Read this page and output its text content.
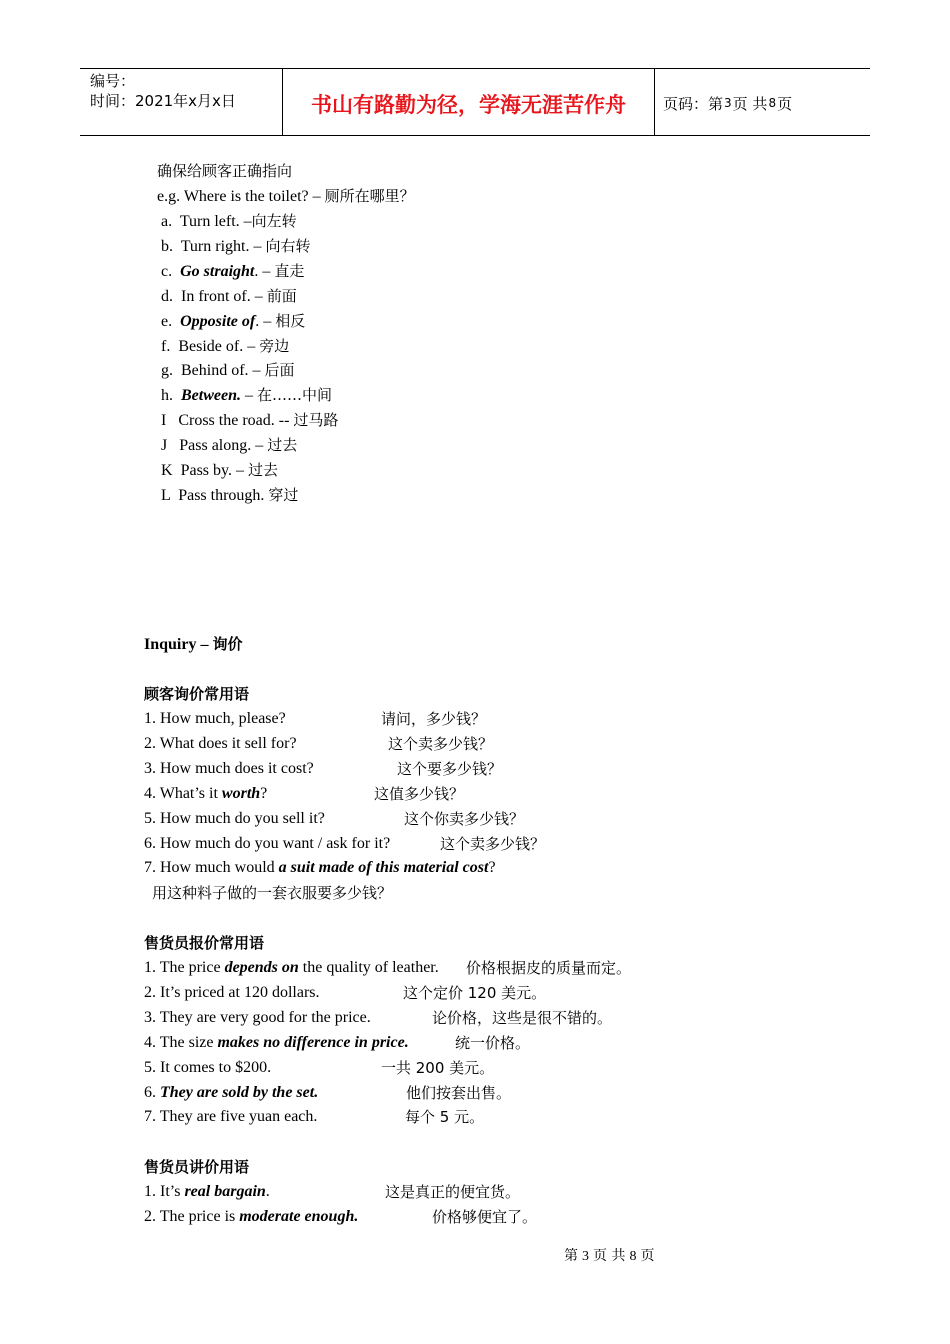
编号：
时间：2021年x月x日	书山有路勤为径，学海无涯苦作舟	页码：第 3 页 共 8 页
确保给顾客正确指向
e.g. Where is the toilet? – 厕所在哪里？
a.  Turn left. –向左转
b.  Turn right. – 向右转
c.  Go straight. – 直走
d.  In front of. – 前面
e.  Opposite of. – 相反
f.  Beside of. – 旁边
g.  Behind of. – 后面
h.  Between. – 在……中间
I   Cross the road. -- 过马路
J   Pass along. – 过去
K  Pass by. – 过去
L  Pass through. 穿过
Inquiry – 询价
顾客询价常用语
1. How much, please?	请问，多少钱？
2. What does it sell for?	这个卖多少钱？
3. How much does it cost?	这个要多少钱？
4. What’s it worth?	这值多少钱？
5. How much do you sell it?	这个你卖多少钱？
6. How much do you want / ask for it?	这个卖多少钱？
7. How much would a suit made of this material cost?
用这种料子做的一套衣服要多少钱？
售货员报价常用语
1. The price depends on the quality of leather. 价格根据皮的质量而定。
2. It’s priced at 120 dollars.	这个定价 120 美元。
3. They are very good for the price.	论价格，这些是很不错的。
4. The size makes no difference in price.	统一价格。
5. It comes to $200.	一共 200 美元。
6. They are sold by the set.	他们按套出售。
7. They are five yuan each.	每个 5 元。
售货员讲价用语
1. It’s real bargain.	这是真正的便宜货。
2. The price is moderate enough.	价格够便宜了。
第 3 页 共 8 页
